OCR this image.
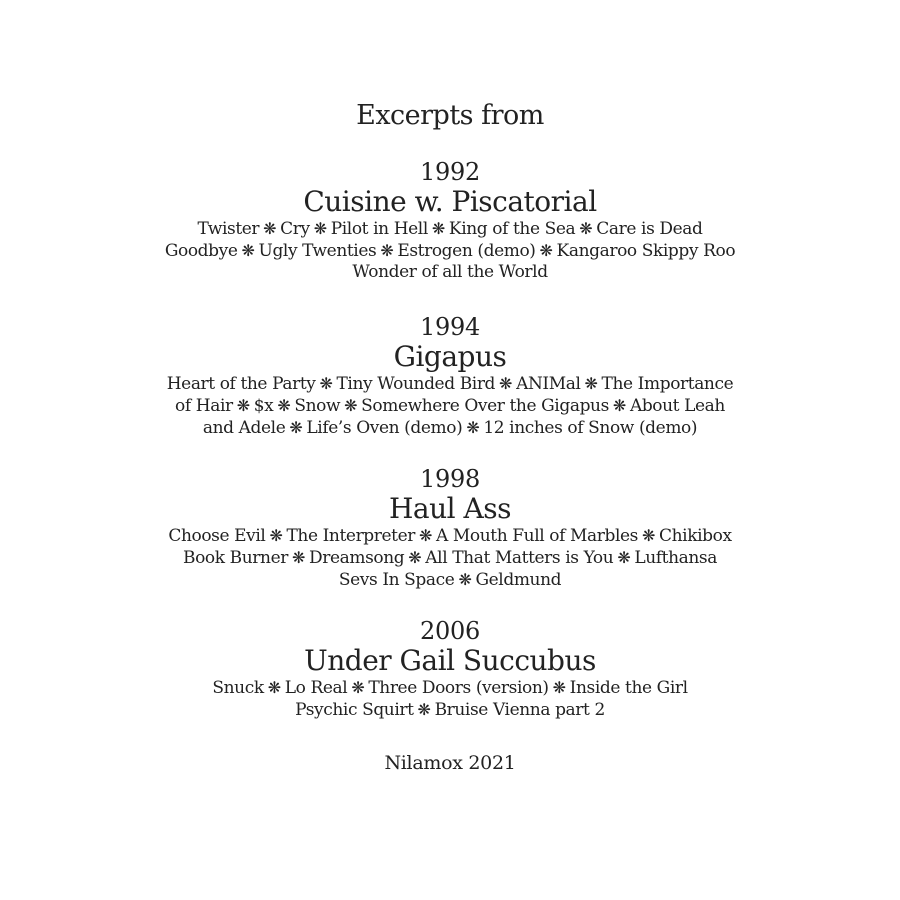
Excerpts from
1992
Cuisine w. Piscatorial
Twister ❋ Cry ❋ Pilot in Hell ❋ King of the Sea ❋ Care is Dead
Goodbye ❋ Ugly Twenties ❋ Estrogen (demo) ❋ Kangaroo Skippy Roo
Wonder of all the World
1994
Gigapus
Heart of the Party ❋ Tiny Wounded Bird ❋ ANIMal ❋ The Importance
of Hair ❋ $x ❋ Snow ❋ Somewhere Over the Gigapus ❋ About Leah
and Adele ❋ Life’s Oven (demo) ❋ 12 inches of Snow (demo)
1998
Haul Ass
Choose Evil ❋ The Interpreter ❋ A Mouth Full of Marbles ❋ Chikibox
Book Burner ❋ Dreamsong ❋ All That Matters is You ❋ Lufthansa
Sevs In Space ❋ Geldmund
2006
Under Gail Succubus
Snuck ❋ Lo Real ❋ Three Doors (version) ❋ Inside the Girl
Psychic Squirt ❋ Bruise Vienna part 2
Nilamox 2021
